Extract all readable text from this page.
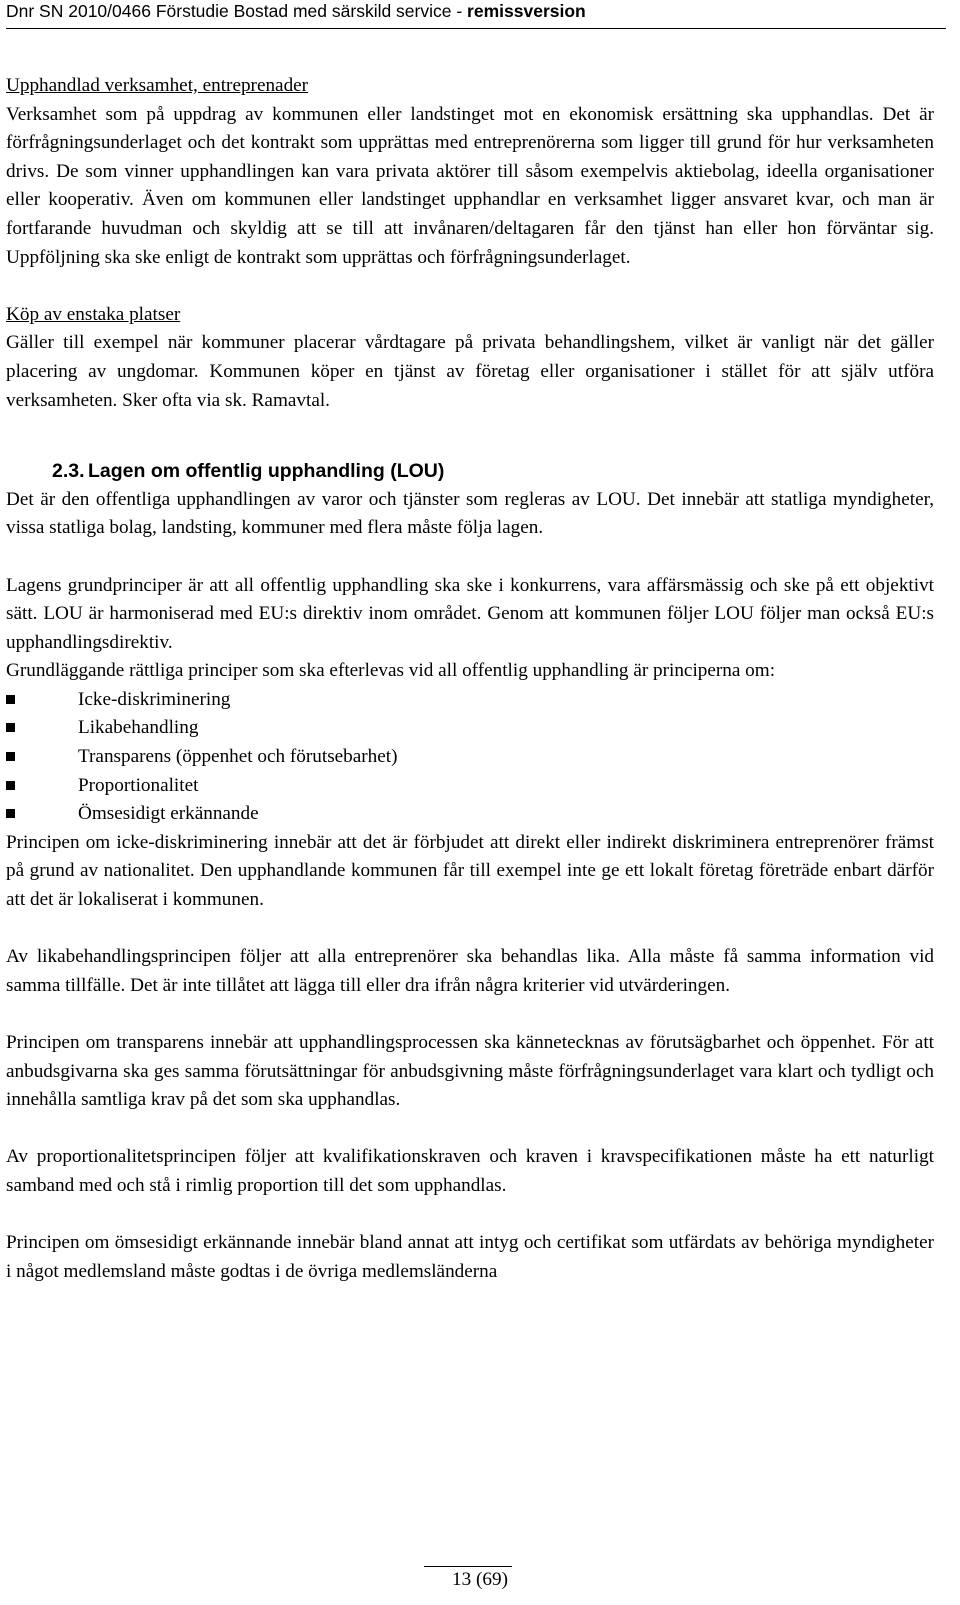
Dnr SN 2010/0466 Förstudie Bostad med särskild service - remissversion

Upphandlad verksamhet, entreprenader

Verksamhet som på uppdrag av kommunen eller landstinget mot en ekonomisk ersättning ska upphandlas. Det är förfrågningsunderlaget och det kontrakt som upprättas med entreprenörerna som ligger till grund för hur verksamheten drivs. De som vinner upphandlingen kan vara privata aktörer till såsom exempelvis aktiebolag, ideella organisationer eller kooperativ. Även om kommunen eller landstinget upphandlar en verksamhet ligger ansvaret kvar, och man är fortfarande huvudman och skyldig att se till att invånaren/deltagaren får den tjänst han eller hon förväntar sig. Uppföljning ska ske enligt de kontrakt som upprättas och förfrågningsunderlaget.

Köp av enstaka platser

Gäller till exempel när kommuner placerar vårdtagare på privata behandlingshem, vilket är vanligt när det gäller placering av ungdomar. Kommunen köper en tjänst av företag eller organisationer i stället för att själv utföra verksamheten. Sker ofta via sk. Ramavtal.

2.3. Lagen om offentlig upphandling (LOU)

Det är den offentliga upphandlingen av varor och tjänster som regleras av LOU. Det innebär att statliga myndigheter, vissa statliga bolag, landsting, kommuner med flera måste följa lagen.

Lagens grundprinciper är att all offentlig upphandling ska ske i konkurrens, vara affärsmässig och ske på ett objektivt sätt. LOU är harmoniserad med EU:s direktiv inom området. Genom att kommunen följer LOU följer man också EU:s upphandlingsdirektiv.

Grundläggande rättliga principer som ska efterlevas vid all offentlig upphandling är principerna om:

Icke-diskriminering
Likabehandling
Transparens (öppenhet och förutsebarhet)
Proportionalitet
Ömsesidigt erkännande

Principen om icke-diskriminering innebär att det är förbjudet att direkt eller indirekt diskriminera entreprenörer främst på grund av nationalitet. Den upphandlande kommunen får till exempel inte ge ett lokalt företag företräde enbart därför att det är lokaliserat i kommunen.

Av likabehandlingsprincipen följer att alla entreprenörer ska behandlas lika. Alla måste få samma information vid samma tillfälle. Det är inte tillåtet att lägga till eller dra ifrån några kriterier vid utvärderingen.

Principen om transparens innebär att upphandlingsprocessen ska kännetecknas av förutsägbarhet och öppenhet. För att anbudsgivarna ska ges samma förutsättningar för anbudsgivning måste förfrågningsunderlaget vara klart och tydligt och innehålla samtliga krav på det som ska upphandlas.

Av proportionalitetsprincipen följer att kvalifikationskraven och kraven i kravspecifikationen måste ha ett naturligt samband med och stå i rimlig proportion till det som upphandlas.

Principen om ömsesidigt erkännande innebär bland annat att intyg och certifikat som utfärdats av behöriga myndigheter i något medlemsland måste godtas i de övriga medlemsländerna

13 (69)
